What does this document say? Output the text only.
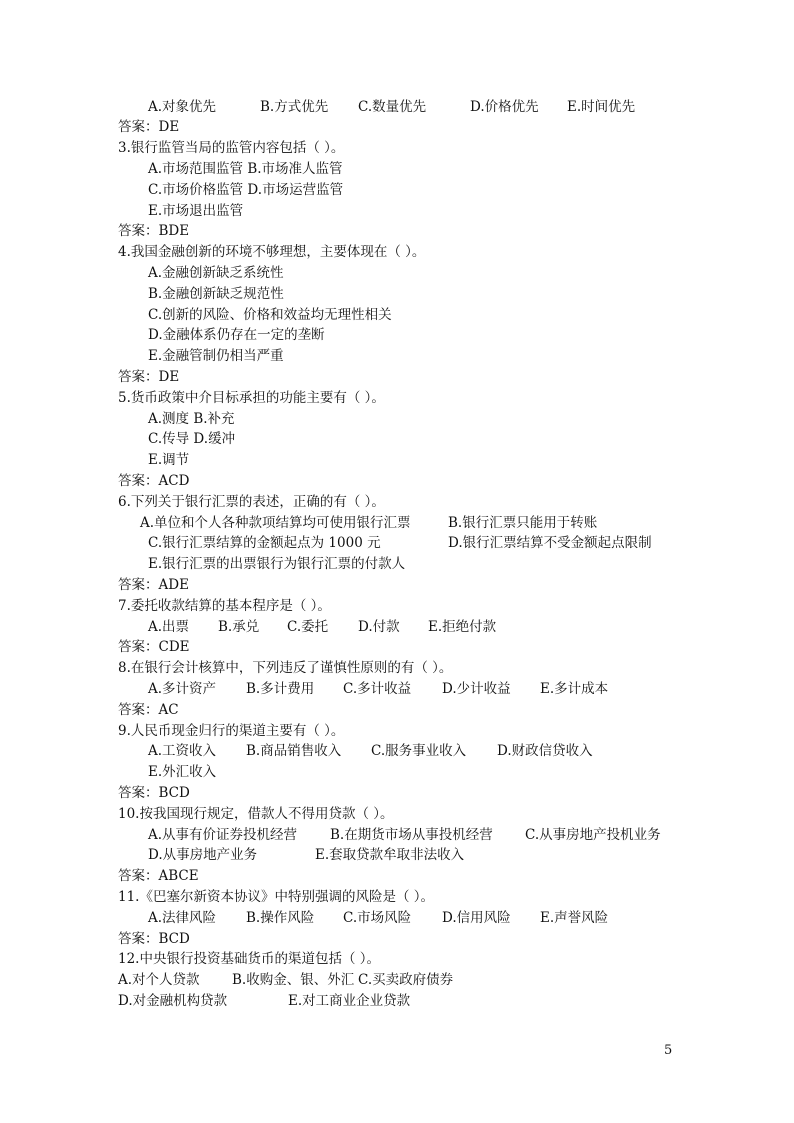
A.对象优先	B.方式优先 C.数量优先	D.价格优先 E.时间优先
答案：DE
3.银行监管当局的监管内容包括（ ）。
A.市场范围监管 B.市场准人监管
C.市场价格监管 D.市场运营监管
E.市场退出监管
答案：BDE
4.我国金融创新的环境不够理想，主要体现在（ ）。
A.金融创新缺乏系统性
B.金融创新缺乏规范性
C.创新的风险、价格和效益均无理性相关
D.金融体系仍存在一定的垄断
E.金融管制仍相当严重
答案：DE
5.货币政策中介目标承担的功能主要有（ ）。
A.测度 B.补充
C.传导 D.缓冲
E.调节
答案：ACD
6.下列关于银行汇票的表述，正确的有（ ）。
A.单位和个人各种款项结算均可使用银行汇票	B.银行汇票只能用于转账
C.银行汇票结算的金额起点为 1000 元	D.银行汇票结算不受金额起点限制
E.银行汇票的出票银行为银行汇票的付款人
答案：ADE
7.委托收款结算的基本程序是（ ）。
A.出票 B.承兑 C.委托 D.付款 E.拒绝付款
答案：CDE
8.在银行会计核算中，下列违反了谨慎性原则的有（ ）。
A.多计资产 B.多计费用 C.多计收益 D.少计收益 E.多计成本
答案：AC
9.人民币现金归行的渠道主要有（ ）。
A.工资收入 B.商品销售收入 C.服务事业收入 D.财政信贷收入
E.外汇收入
答案：BCD
10.按我国现行规定，借款人不得用贷款（ ）。
A.从事有价证券投机经营 B.在期货市场从事投机经营 C.从事房地产投机业务
D.从事房地产业务	E.套取贷款牟取非法收入
答案：ABCE
11.《巴塞尔新资本协议》中特别强调的风险是（ ）。
A.法律风险 B.操作风险 C.市场风险 D.信用风险 E.声誉风险
答案：BCD
12.中央银行投资基础货币的渠道包括（ ）。
A.对个人贷款 B.收购金、银、外汇 C.买卖政府债券
D.对金融机构贷款	E.对工商业企业贷款
5
